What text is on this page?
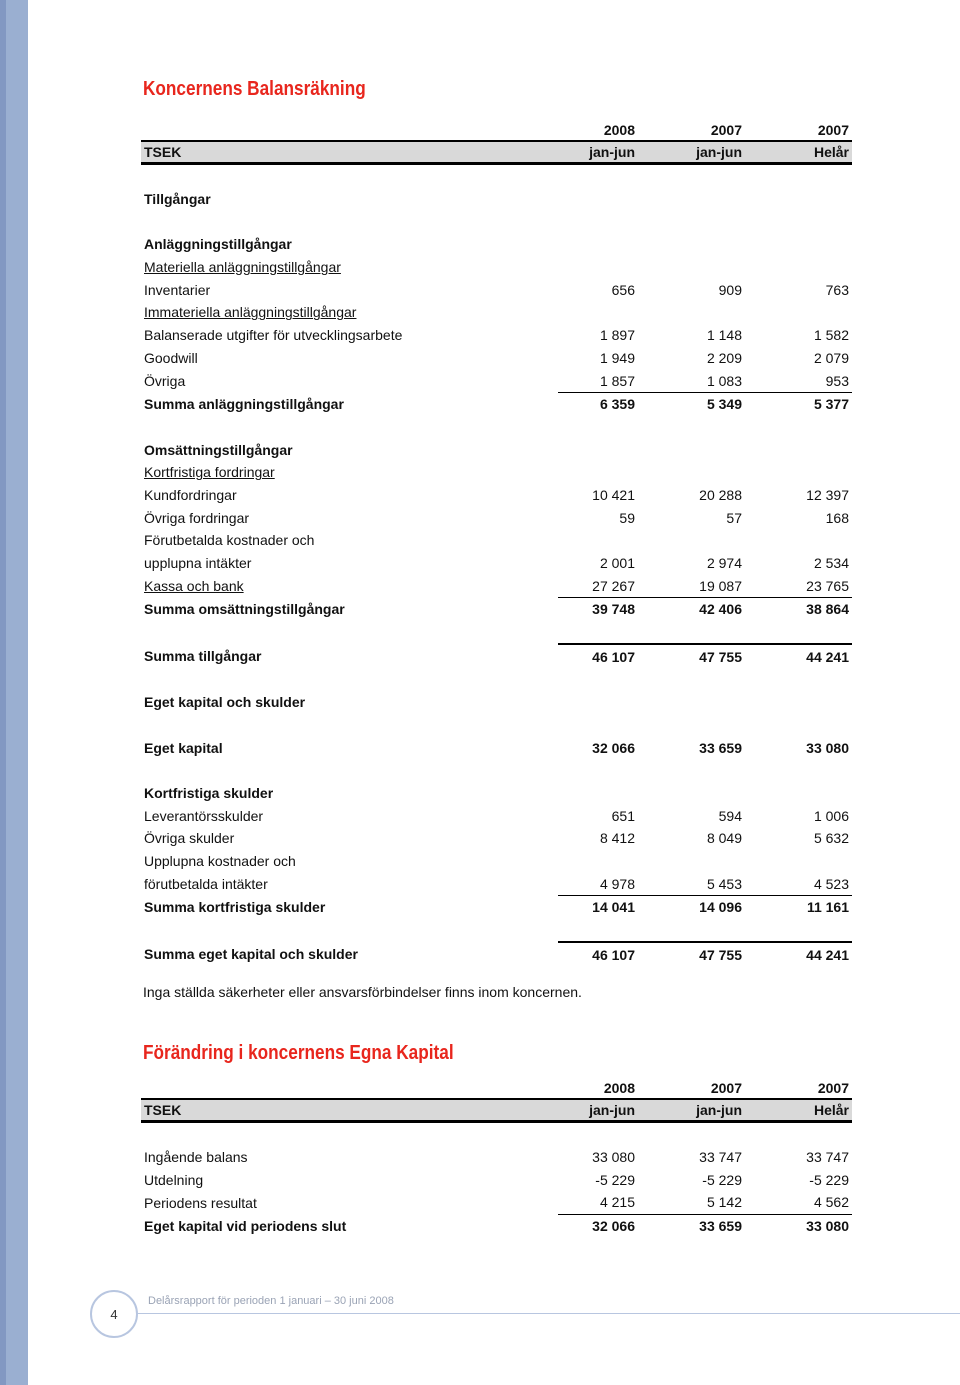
Koncernens Balansräkning
	2008	2007	2007
TSEK	jan-jun	jan-jun	Helår

Tillgångar			

Anläggningstillgångar			
Materiella anläggningstillgångar			
Inventarier	656	909	763
Immateriella anläggningstillgångar			
Balanserade utgifter för utvecklingsarbete	1 897	1 148	1 582
Goodwill	1 949	2 209	2 079
Övriga	1 857	1 083	953
Summa anläggningstillgångar	6 359	5 349	5 377

Omsättningstillgångar			
Kortfristiga fordringar			
Kundfordringar	10 421	20 288	12 397
Övriga fordringar	59	57	168
Förutbetalda kostnader och			
upplupna intäkter	2 001	2 974	2 534
Kassa och bank	27 267	19 087	23 765
Summa omsättningstillgångar	39 748	42 406	38 864

Summa tillgångar	46 107	47 755	44 241

Eget kapital och skulder			

Eget kapital	32 066	33 659	33 080

Kortfristiga skulder			
Leverantörsskulder	651	594	1 006
Övriga skulder	8 412	8 049	5 632
Upplupna kostnader och			
förutbetalda intäkter	4 978	5 453	4 523
Summa kortfristiga skulder	14 041	14 096	11 161

Summa eget kapital och skulder	46 107	47 755	44 241
Inga ställda säkerheter eller ansvarsförbindelser finns inom koncernen.
Förändring i koncernens Egna Kapital
	2008	2007	2007
TSEK	jan-jun	jan-jun	Helår

Ingående balans	33 080	33 747	33 747
Utdelning	-5 229	-5 229	-5 229
Periodens resultat	4 215	5 142	4 562
Eget kapital vid periodens slut	32 066	33 659	33 080
4
Delårsrapport för perioden 1 januari – 30 juni 2008
